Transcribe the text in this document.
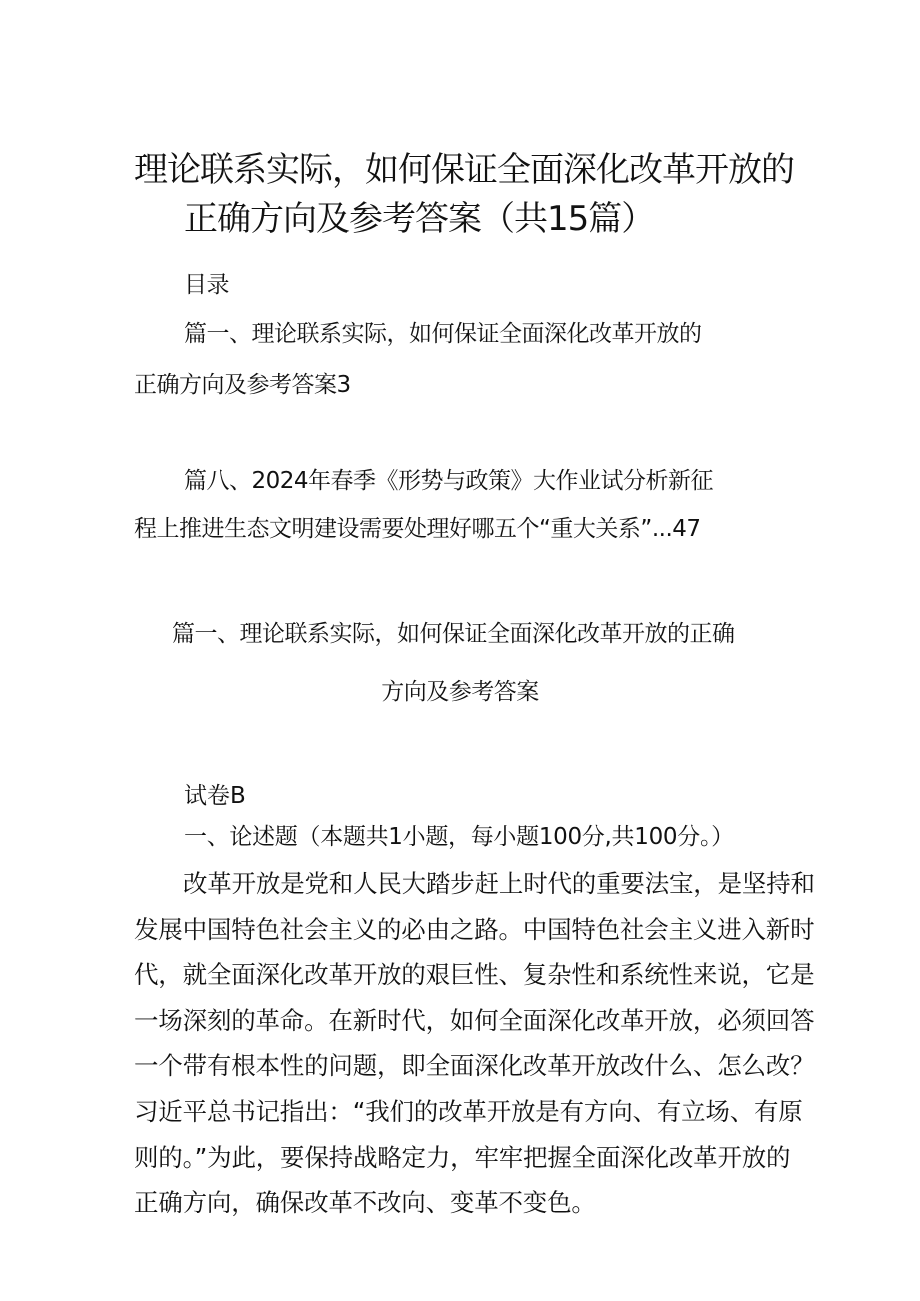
理论联系实际，如何保证全面深化改革开放的
正确方向及参考答案（共15篇）
目录
篇一、理论联系实际，如何保证全面深化改革开放的
正确方向及参考答案3
篇八、2024年春季《形势与政策》大作业试分析新征
程上推进生态文明建设需要处理好哪五个“重大关系”...47
篇一、理论联系实际，如何保证全面深化改革开放的正确
方向及参考答案
试卷B
一、论述题（本题共1小题，每小题100分,共100分。）
改革开放是党和人民大踏步赶上时代的重要法宝，是坚持和
发展中国特色社会主义的必由之路。中国特色社会主义进入新时
代，就全面深化改革开放的艰巨性、复杂性和系统性来说，它是
一场深刻的革命。在新时代，如何全面深化改革开放，必须回答
一个带有根本性的问题，即全面深化改革开放改什么、怎么改？
习近平总书记指出：“我们的改革开放是有方向、有立场、有原
则的。”为此，要保持战略定力，牢牢把握全面深化改革开放的
正确方向，确保改革不改向、变革不变色。
